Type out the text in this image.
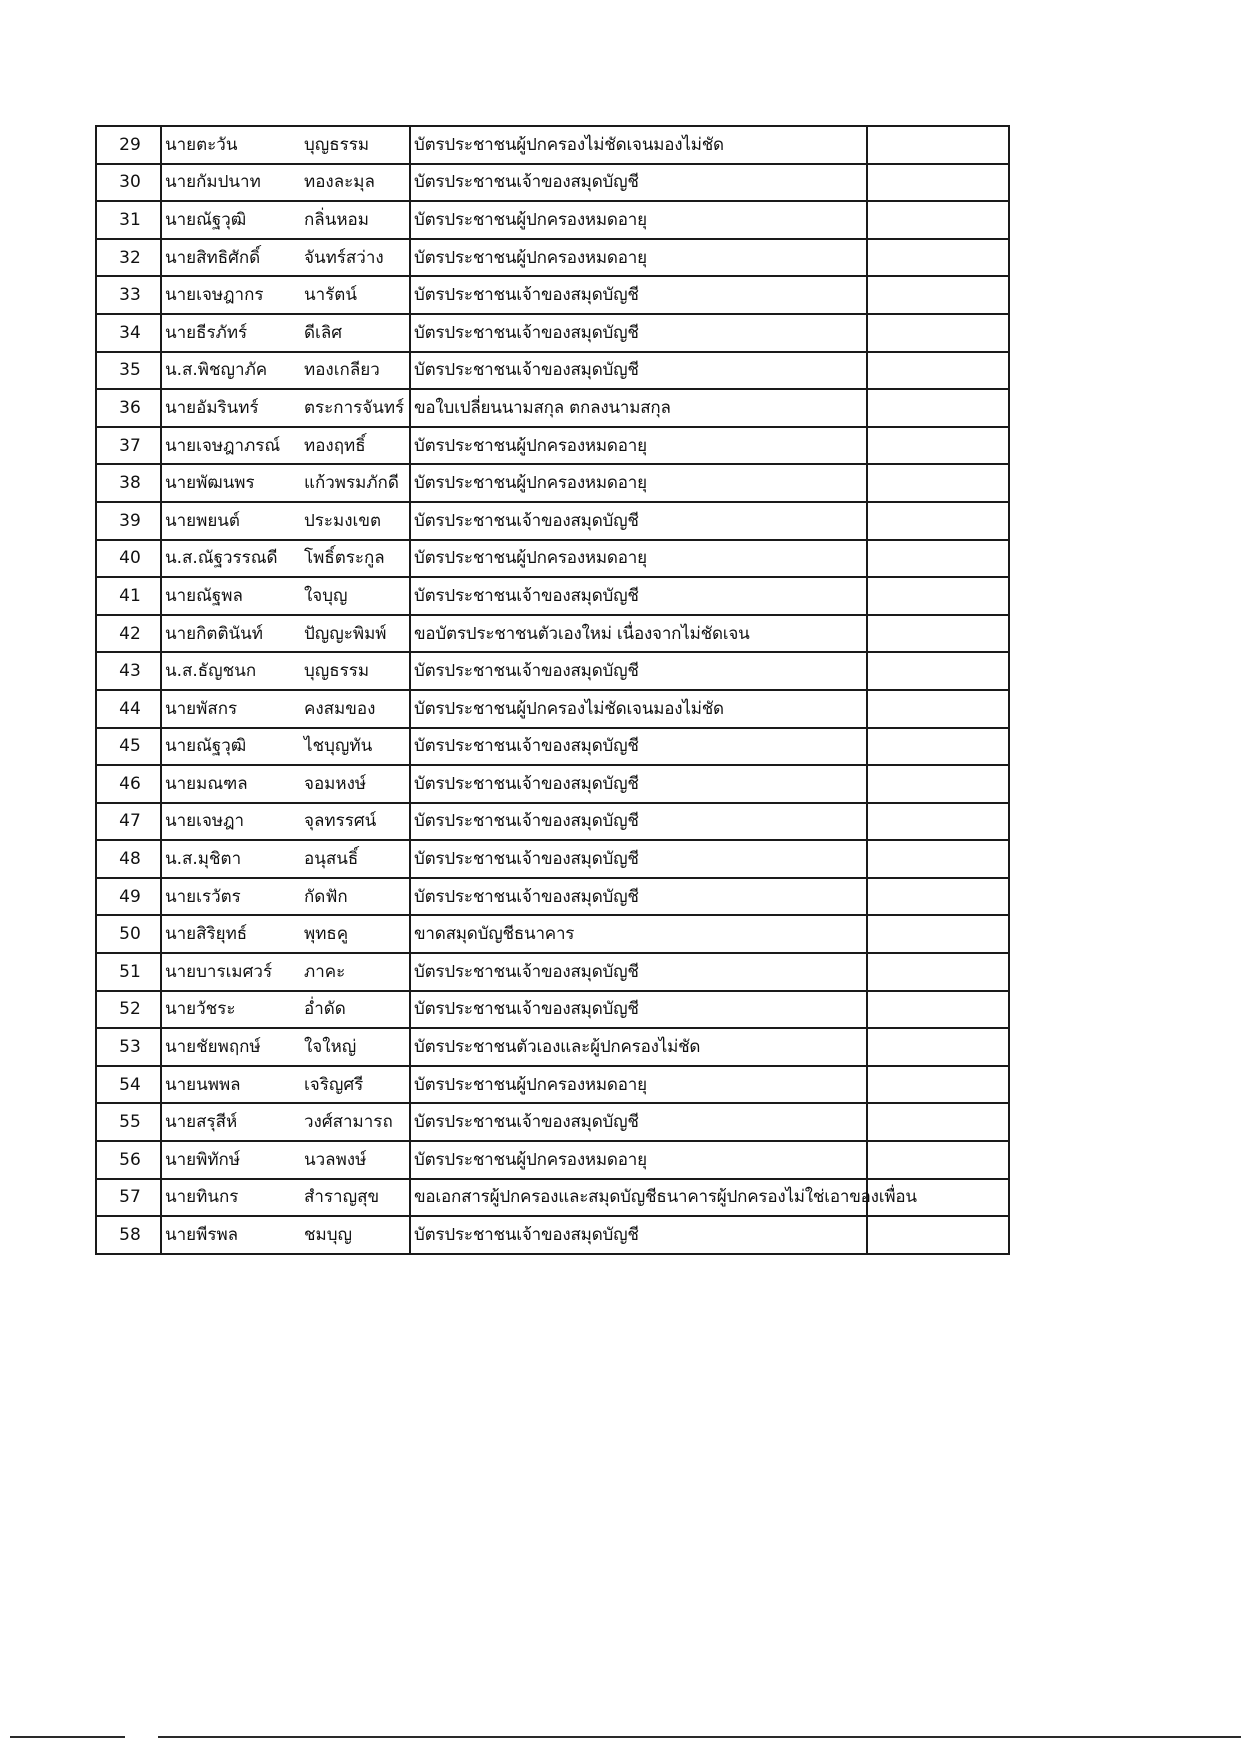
29	นายตะวัน	บุญธรรม	บัตรประชาชนผู้ปกครองไม่ชัดเจนมองไม่ชัด	
30	นายกัมปนาท	ทองละมุล	บัตรประชาชนเจ้าของสมุดบัญชี	
31	นายณัฐวุฒิ	กลิ่นหอม	บัตรประชาชนผู้ปกครองหมดอายุ	
32	นายสิทธิศักดิ์	จันทร์สว่าง	บัตรประชาชนผู้ปกครองหมดอายุ	
33	นายเจษฎากร	นารัตน์	บัตรประชาชนเจ้าของสมุดบัญชี	
34	นายธีรภัทร์	ดีเลิศ	บัตรประชาชนเจ้าของสมุดบัญชี	
35	น.ส.พิชญาภัค	ทองเกลียว	บัตรประชาชนเจ้าของสมุดบัญชี	
36	นายอัมรินทร์	ตระการจันทร์	ขอใบเปลี่ยนนามสกุล ตกลงนามสกุล	
37	นายเจษฎาภรณ์	ทองฤทธิ์	บัตรประชาชนผู้ปกครองหมดอายุ	
38	นายพัฒนพร	แก้วพรมภักดี	บัตรประชาชนผู้ปกครองหมดอายุ	
39	นายพยนต์	ประมงเขต	บัตรประชาชนเจ้าของสมุดบัญชี	
40	น.ส.ณัฐวรรณดี	โพธิ์ตระกูล	บัตรประชาชนผู้ปกครองหมดอายุ	
41	นายณัฐพล	ใจบุญ	บัตรประชาชนเจ้าของสมุดบัญชี	
42	นายกิตตินันท์	ปัญญะพิมพ์	ขอบัตรประชาชนตัวเองใหม่ เนื่องจากไม่ชัดเจน	
43	น.ส.ธัญชนก	บุญธรรม	บัตรประชาชนเจ้าของสมุดบัญชี	
44	นายพัสกร	คงสมของ	บัตรประชาชนผู้ปกครองไม่ชัดเจนมองไม่ชัด	
45	นายณัฐวุฒิ	ไชบุญทัน	บัตรประชาชนเจ้าของสมุดบัญชี	
46	นายมณฑล	จอมหงษ์	บัตรประชาชนเจ้าของสมุดบัญชี	
47	นายเจษฎา	จุลทรรศน์	บัตรประชาชนเจ้าของสมุดบัญชี	
48	น.ส.มุชิตา	อนุสนธิ์	บัตรประชาชนเจ้าของสมุดบัญชี	
49	นายเรวัตร	กัดฟัก	บัตรประชาชนเจ้าของสมุดบัญชี	
50	นายสิริยุทธ์	พุทธคู	ขาดสมุดบัญชีธนาคาร	
51	นายบารเมศวร์	ภาคะ	บัตรประชาชนเจ้าของสมุดบัญชี	
52	นายวัชระ	อ่ำดัด	บัตรประชาชนเจ้าของสมุดบัญชี	
53	นายชัยพฤกษ์	ใจใหญ่	บัตรประชาชนตัวเองและผู้ปกครองไม่ชัด	
54	นายนพพล	เจริญศรี	บัตรประชาชนผู้ปกครองหมดอายุ	
55	นายสรุสีห์	วงศ์สามารถ	บัตรประชาชนเจ้าของสมุดบัญชี	
56	นายพิทักษ์	นวลพงษ์	บัตรประชาชนผู้ปกครองหมดอายุ	
57	นายทินกร	สำราญสุข	ขอเอกสารผู้ปกครองและสมุดบัญชีธนาคารผู้ปกครองไม่ใช่เอาของเพื่อน	
58	นายพีรพล	ชมบุญ	บัตรประชาชนเจ้าของสมุดบัญชี	
